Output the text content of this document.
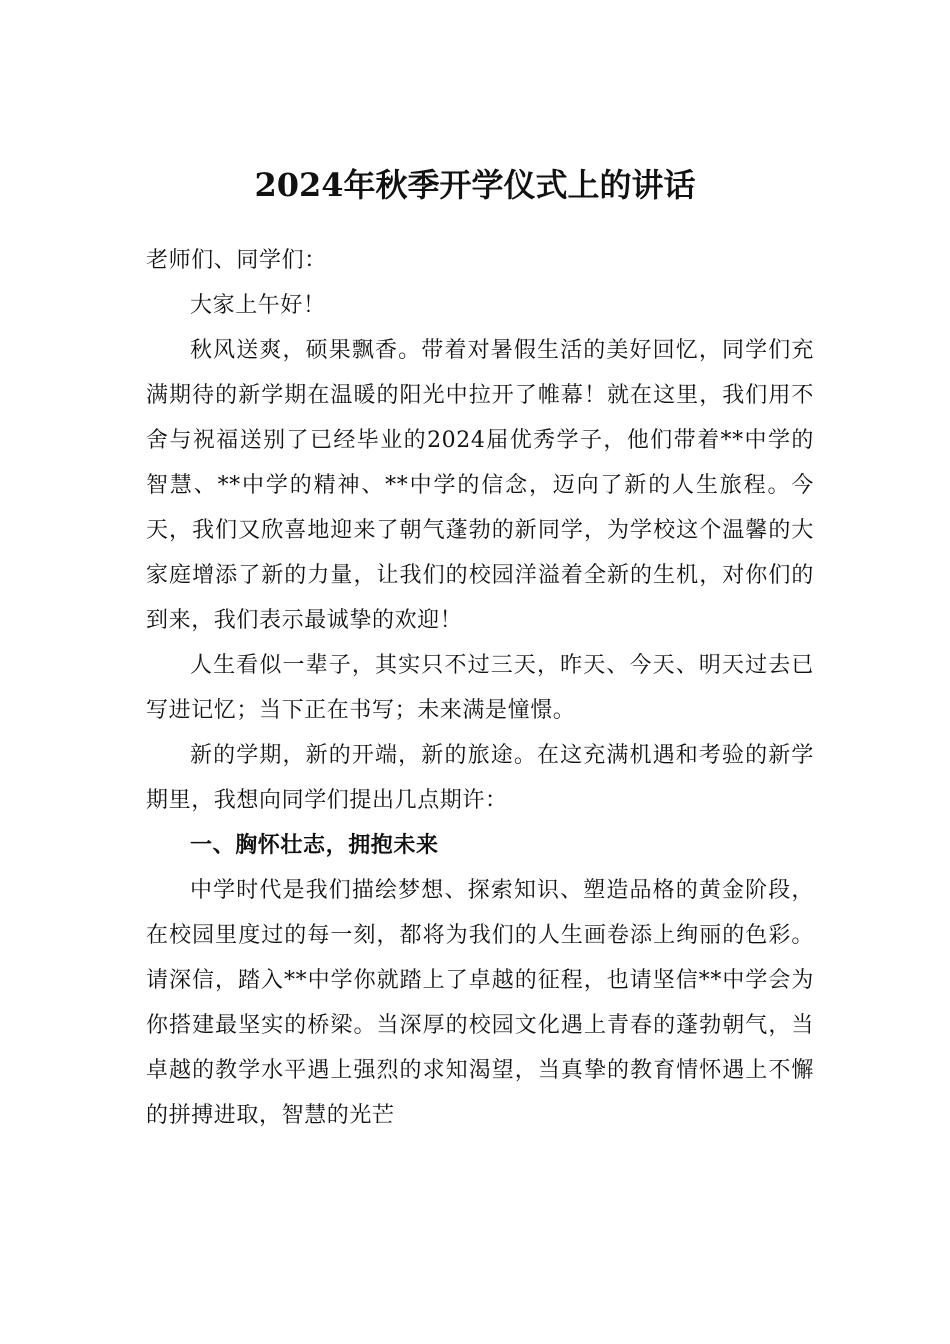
2024年秋季开学仪式上的讲话

老师们、同学们：

大家上午好！

秋风送爽，硕果飘香。带着对暑假生活的美好回忆，同学们充满期待的新学期在温暖的阳光中拉开了帷幕！就在这里，我们用不舍与祝福送别了已经毕业的2024届优秀学子，他们带着**中学的智慧、**中学的精神、**中学的信念，迈向了新的人生旅程。今天，我们又欣喜地迎来了朝气蓬勃的新同学，为学校这个温馨的大家庭增添了新的力量，让我们的校园洋溢着全新的生机，对你们的到来，我们表示最诚挚的欢迎！

人生看似一辈子，其实只不过三天，昨天、今天、明天过去已写进记忆；当下正在书写；未来满是憧憬。

新的学期，新的开端，新的旅途。在这充满机遇和考验的新学期里，我想向同学们提出几点期许：

一、胸怀壮志，拥抱未来

中学时代是我们描绘梦想、探索知识、塑造品格的黄金阶段，在校园里度过的每一刻，都将为我们的人生画卷添上绚丽的色彩。请深信，踏入**中学你就踏上了卓越的征程，也请坚信**中学会为你搭建最坚实的桥梁。当深厚的校园文化遇上青春的蓬勃朝气，当卓越的教学水平遇上强烈的求知渴望，当真挚的教育情怀遇上不懈的拼搏进取，智慧的光芒
